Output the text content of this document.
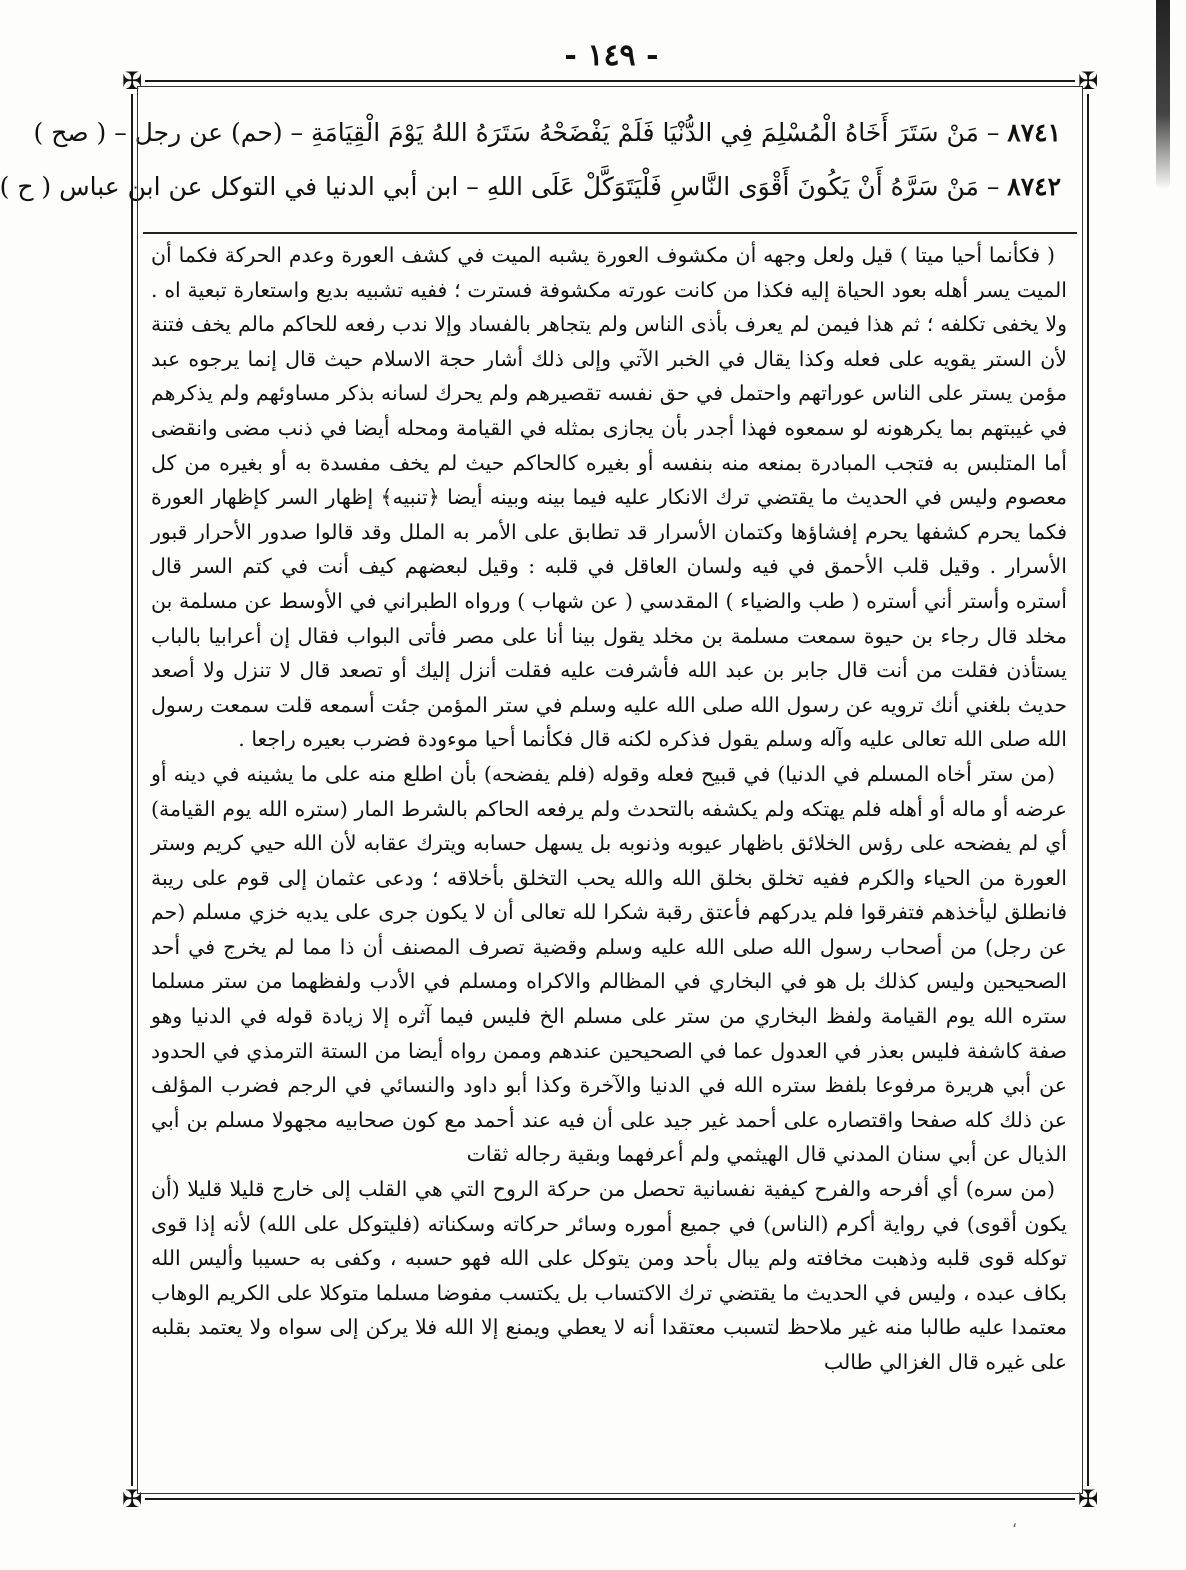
- ١٤٩ -
✠	✠
✠	✠
٨٧٤١ – مَنْ سَتَرَ أَخَاهُ الْمُسْلِمَ فِي الدُّنْيَا فَلَمْ يَفْضَحْهُ سَتَرَهُ اللهُ يَوْمَ الْقِيَامَةِ – (حم) عن رجل – ( صح )
٨٧٤٢ – مَنْ سَرَّهُ أَنْ يَكُونَ أَقْوَى النَّاسِ فَلْيَتَوَكَّلْ عَلَى اللهِ – ابن أبي الدنيا في التوكل عن ابن عباس ( ح )

( فكأنما أحيا ميتا ) قيل ولعل وجهه أن مكشوف العورة يشبه الميت في كشف العورة وعدم الحركة فكما أن الميت يسر أهله بعود الحياة إليه فكذا من كانت عورته مكشوفة فسترت ؛ ففيه تشبيه بديع واستعارة تبعية اه . ولا يخفى تكلفه ؛ ثم هذا فيمن لم يعرف بأذى الناس ولم يتجاهر بالفساد وإلا ندب رفعه للحاكم مالم يخف فتنة لأن الستر يقويه على فعله وكذا يقال في الخبر الآتي وإلى ذلك أشار حجة الاسلام حيث قال إنما يرجوه عبد مؤمن يستر على الناس عوراتهم واحتمل في حق نفسه تقصيرهم ولم يحرك لسانه بذكر مساوئهم ولم يذكرهم في غيبتهم بما يكرهونه لو سمعوه فهذا أجدر بأن يجازى بمثله في القيامة ومحله أيضا في ذنب مضى وانقضى أما المتلبس به فتجب المبادرة بمنعه منه بنفسه أو بغيره كالحاكم حيث لم يخف مفسدة به أو بغيره من كل معصوم وليس في الحديث ما يقتضي ترك الانكار عليه فيما بينه وبينه أيضا ﴿تنبيه﴾ إظهار السر كإظهار العورة فكما يحرم كشفها يحرم إفشاؤها وكتمان الأسرار قد تطابق على الأمر به الملل وقد قالوا صدور الأحرار قبور الأسرار . وقيل قلب الأحمق في فيه ولسان العاقل في قلبه : وقيل لبعضهم كيف أنت في كتم السر قال أستره وأستر أني أستره ( طب والضياء ) المقدسي ( عن شهاب ) ورواه الطبراني في الأوسط عن مسلمة بن مخلد قال رجاء بن حيوة سمعت مسلمة بن مخلد يقول بينا أنا على مصر فأتى البواب فقال إن أعرابيا بالباب يستأذن فقلت من أنت قال جابر بن عبد الله فأشرفت عليه فقلت أنزل إليك أو تصعد قال لا تنزل ولا أصعد حديث بلغني أنك ترويه عن رسول الله صلى الله عليه وسلم في ستر المؤمن جئت أسمعه قلت سمعت رسول الله صلى الله تعالى عليه وآله وسلم يقول فذكره لكنه قال فكأنما أحيا موءودة فضرب بعيره راجعا .

(من ستر أخاه المسلم في الدنيا) في قبيح فعله وقوله (فلم يفضحه) بأن اطلع منه على ما يشينه في دينه أو عرضه أو ماله أو أهله فلم يهتكه ولم يكشفه بالتحدث ولم يرفعه الحاكم بالشرط المار (ستره الله يوم القيامة) أي لم يفضحه على رؤس الخلائق باظهار عيوبه وذنوبه بل يسهل حسابه ويترك عقابه لأن الله حيي كريم وستر العورة من الحياء والكرم ففيه تخلق بخلق الله والله يحب التخلق بأخلاقه ؛ ودعى عثمان إلى قوم على ريبة فانطلق ليأخذهم فتفرقوا فلم يدركهم فأعتق رقبة شكرا لله تعالى أن لا يكون جرى على يديه خزي مسلم (حم عن رجل) من أصحاب رسول الله صلى الله عليه وسلم وقضية تصرف المصنف أن ذا مما لم يخرج في أحد الصحيحين وليس كذلك بل هو في البخاري في المظالم والاكراه ومسلم في الأدب ولفظهما من ستر مسلما ستره الله يوم القيامة ولفظ البخاري من ستر على مسلم الخ فليس فيما آثره إلا زيادة قوله في الدنيا وهو صفة كاشفة فليس بعذر في العدول عما في الصحيحين عندهم وممن رواه أيضا من الستة الترمذي في الحدود عن أبي هريرة مرفوعا بلفظ ستره الله في الدنيا والآخرة وكذا أبو داود والنسائي في الرجم فضرب المؤلف عن ذلك كله صفحا واقتصاره على أحمد غير جيد على أن فيه عند أحمد مع كون صحابيه مجهولا مسلم بن أبي الذيال عن أبي سنان المدني قال الهيثمي ولم أعرفهما وبقية رجاله ثقات

(من سره) أي أفرحه والفرح كيفية نفسانية تحصل من حركة الروح التي هي القلب إلى خارج قليلا قليلا (أن يكون أقوى) في رواية أكرم (الناس) في جميع أموره وسائر حركاته وسكناته (فليتوكل على الله) لأنه إذا قوى توكله قوى قلبه وذهبت مخافته ولم يبال بأحد ومن يتوكل على الله فهو حسبه ، وكفى به حسيبا وأليس الله بكاف عبده ، وليس في الحديث ما يقتضي ترك الاكتساب بل يكتسب مفوضا مسلما متوكلا على الكريم الوهاب معتمدا عليه طالبا منه غير ملاحظ لتسبب معتقدا أنه لا يعطي ويمنع إلا الله فلا يركن إلى سواه ولا يعتمد بقلبه على غيره قال الغزالي طالب

،
